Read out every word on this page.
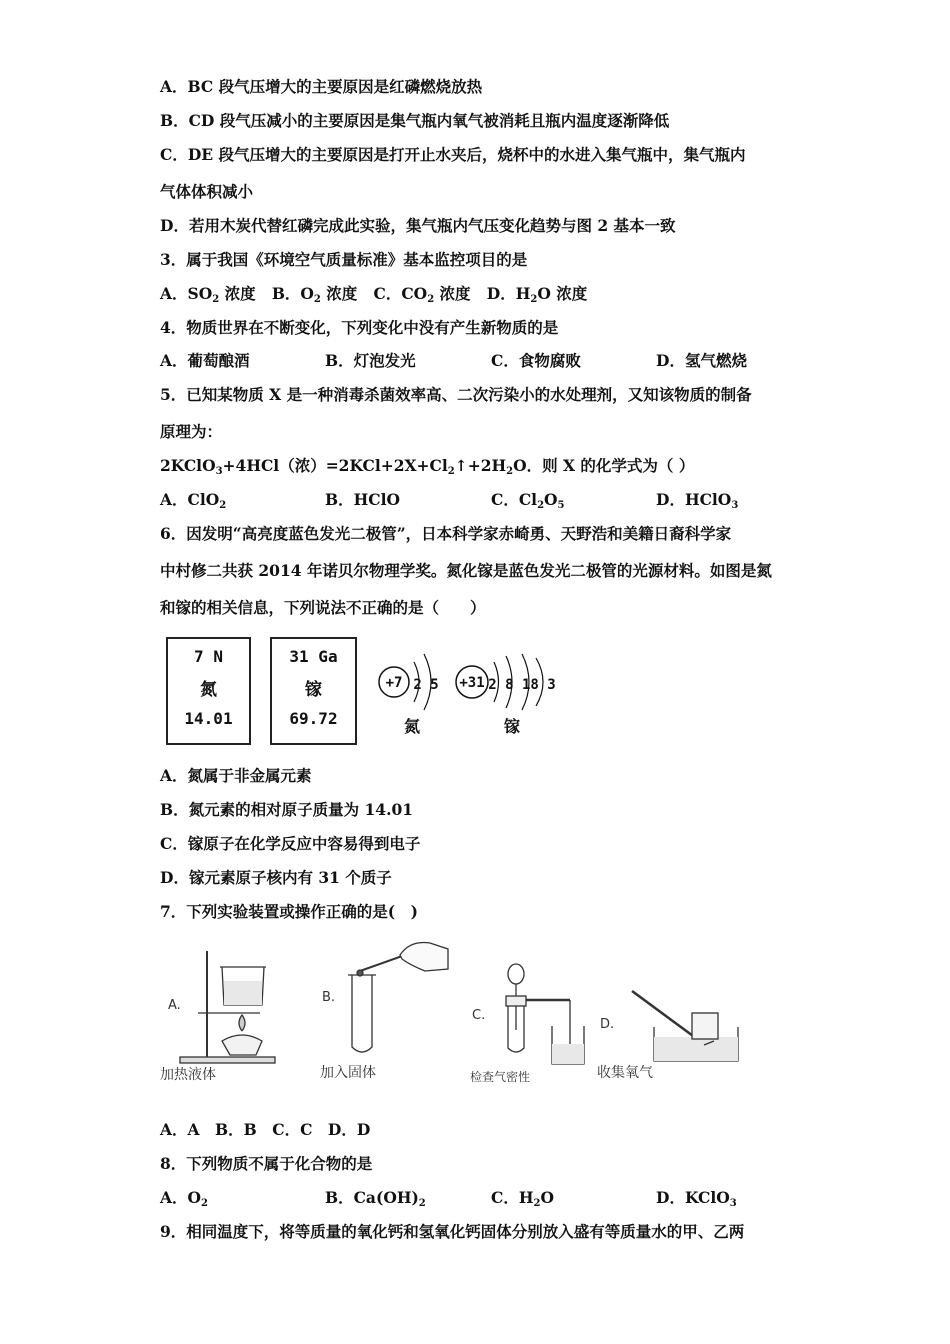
A．BC 段气压增大的主要原因是红磷燃烧放热
B．CD 段气压减小的主要原因是集气瓶内氧气被消耗且瓶内温度逐渐降低
C．DE 段气压增大的主要原因是打开止水夹后，烧杯中的水进入集气瓶中，集气瓶内
气体体积减小
D．若用木炭代替红磷完成此实验，集气瓶内气压变化趋势与图 2 基本一致
3．属于我国《环境空气质量标准》基本监控项目的是
A．$SO_2$ 浓度 B．$O_2$ 浓度 C．$CO_2$ 浓度 D．$H_2O$ 浓度
4．物质世界在不断变化，下列变化中没有产生新物质的是
A．葡萄酿酒	B．灯泡发光	C．食物腐败	D．氢气燃烧
5．已知某物质 X 是一种消毒杀菌效率高、二次污染小的水处理剂，又知该物质的制备
原理为：
2KClO$_3$+4HCl（浓）$=2KCl+2X+Cl_2↑+2H_2O$．则 X 的化学式为（ ）
A．ClO$_2$	B．HClO	C．$Cl_2O_5$	D．HClO$_3$
6．因发明“高亮度蓝色发光二极管”，日本科学家赤崎勇、天野浩和美籍日裔科学家
中村修二共获 2014 年诺贝尔物理学奖。氮化镓是蓝色发光二极管的光源材料。如图是氮
和镓的相关信息，下列说法不正确的是（　　）
7 N
氮
14.01
31 Ga
镓
69.72
+7 2 5
氮
+31 2 8 18 3
镓
A．氮属于非金属元素
B．氮元素的相对原子质量为 14.01
C．镓原子在化学反应中容易得到电子
D．镓元素原子核内有 31 个质子
7．下列实验装置或操作正确的是(　)
A.
加热液体
B.
加入固体
C.
检查气密性
D.
收集氧气
A．A　B．B　C．C　D．D
8．下列物质不属于化合物的是
A．$O_2$	B．$Ca(OH)_2$	C．$H_2O$	D．KClO$_3$
9．相同温度下，将等质量的氧化钙和氢氧化钙固体分别放入盛有等质量水的甲、乙两
